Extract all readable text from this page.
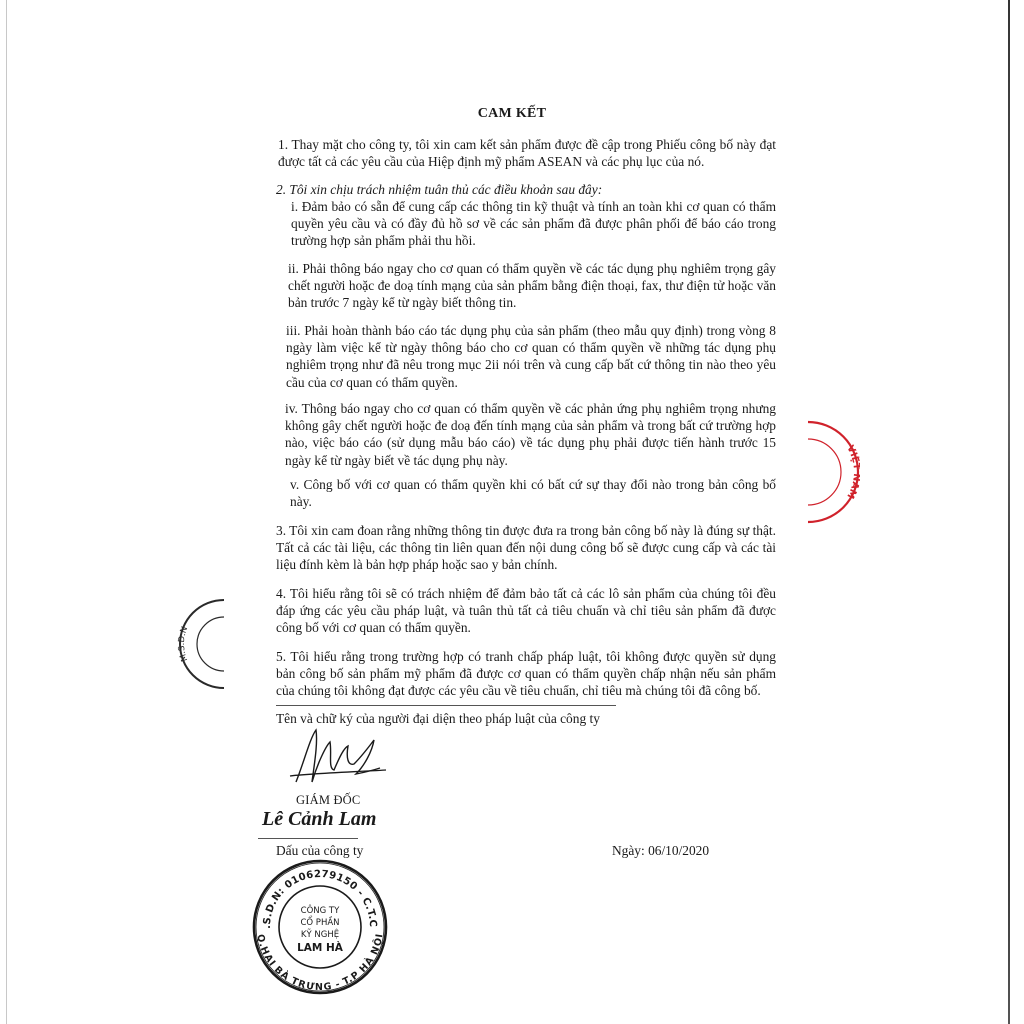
CAM KẾT

1. Thay mặt cho công ty, tôi xin cam kết sản phẩm được đề cập trong Phiếu công bố này đạt được tất cả các yêu cầu của Hiệp định mỹ phẩm ASEAN và các phụ lục của nó.

2. Tôi xin chịu trách nhiệm tuân thủ các điều khoản sau đây:

i. Đảm bảo có sẵn để cung cấp các thông tin kỹ thuật và tính an toàn khi cơ quan có thẩm quyền yêu cầu và có đầy đủ hồ sơ về các sản phẩm đã được phân phối để báo cáo trong trường hợp sản phẩm phải thu hồi.

ii. Phải thông báo ngay cho cơ quan có thẩm quyền về các tác dụng phụ nghiêm trọng gây chết người hoặc đe doạ tính mạng của sản phẩm bằng điện thoại, fax, thư điện tử hoặc văn bản trước 7 ngày kể từ ngày biết thông tin.

iii. Phải hoàn thành báo cáo tác dụng phụ của sản phẩm (theo mẫu quy định) trong vòng 8 ngày làm việc kể từ ngày thông báo cho cơ quan có thẩm quyền về những tác dụng phụ nghiêm trọng như đã nêu trong mục 2ii nói trên và cung cấp bất cứ thông tin nào theo yêu cầu của cơ quan có thẩm quyền.

iv. Thông báo ngay cho cơ quan có thẩm quyền về các phản ứng phụ nghiêm trọng nhưng không gây chết người hoặc đe doạ đến tính mạng của sản phẩm và trong bất cứ trường hợp nào, việc báo cáo (sử dụng mẫu báo cáo) về tác dụng phụ phải được tiến hành trước 15 ngày kể từ ngày biết về tác dụng phụ này.

v. Công bố với cơ quan có thẩm quyền khi có bất cứ sự thay đổi nào trong bản công bố này.

3. Tôi xin cam đoan rằng những thông tin được đưa ra trong bản công bố này là đúng sự thật. Tất cả các tài liệu, các thông tin liên quan đến nội dung công bố sẽ được cung cấp và các tài liệu đính kèm là bản hợp pháp hoặc sao y bản chính.

4. Tôi hiểu rằng tôi sẽ có trách nhiệm để đảm bảo tất cả các lô sản phẩm của chúng tôi đều đáp ứng các yêu cầu pháp luật, và tuân thủ tất cả tiêu chuẩn và chỉ tiêu sản phẩm đã được công bố với cơ quan có thẩm quyền.

5. Tôi hiểu rằng trong trường hợp có tranh chấp pháp luật, tôi không được quyền sử dụng bản công bố sản phẩm mỹ phẩm đã được cơ quan có thẩm quyền chấp nhận nếu sản phẩm của chúng tôi không đạt được các yêu cầu về tiêu chuẩn, chỉ tiêu mà chúng tôi đã công bố.

Tên và chữ ký của người đại diện theo pháp luật của công ty
GIÁM ĐỐC
Lê Cảnh Lam
Dấu của công ty	Ngày: 06/10/2020
.S.D.N: 0106279150 - C.T.C
Q.HAI BÀ TRƯNG - T.P HÀ NỘI
CÔNG TY
CỔ PHẦN
KỸ NGHỆ
LAM HÀ
M.S.D.N
VIỆT NAM
